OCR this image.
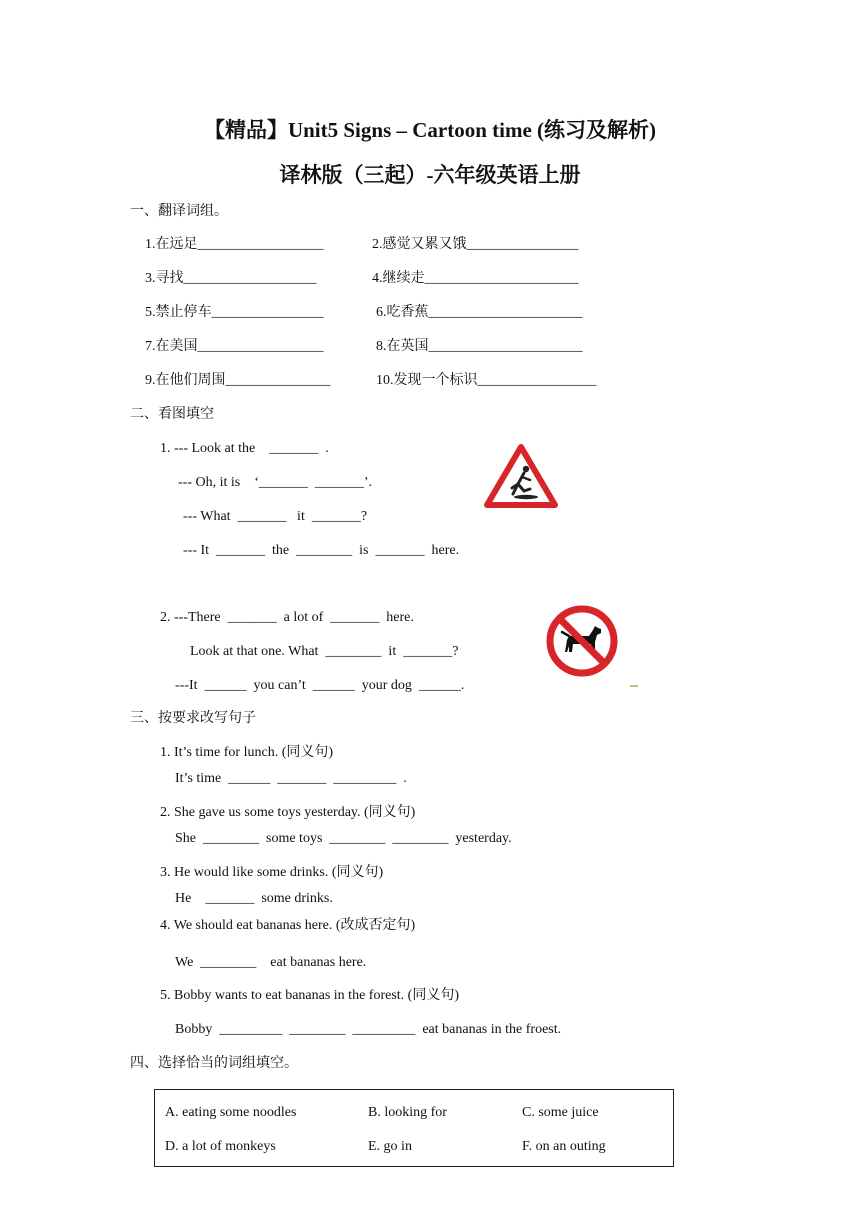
【精品】Unit5 Signs – Cartoon time (练习及解析)
译林版（三起）-六年级英语上册
一、翻译词组。
1.在远足__________________	2.感觉又累又饿________________
3.寻找___________________	4.继续走______________________
5.禁止停车________________	6.吃香蕉______________________
7.在美国__________________	8.在英国______________________
9.在他们周围_______________	10.发现一个标识_________________
二、看图填空
1. --- Look at the    _______  .
--- Oh, it is    ‘_______  _______’.
--- What  _______   it  _______?
--- It  _______  the  ________  is  _______  here.
2. ---There  _______  a lot of  _______  here.
Look at that one. What  ________  it  _______?
---It  ______  you can’t  ______  your dog  ______.
三、按要求改写句子
1. It’s time for lunch. (同义句)
It’s time  ______  _______  _________  .
2. She gave us some toys yesterday. (同义句)
She  ________  some toys  ________  ________  yesterday.
3. He would like some drinks. (同义句)
He    _______  some drinks.
4. We should eat bananas here. (改成否定句)
We  ________    eat bananas here.
5. Bobby wants to eat bananas in the forest. (同义句)
Bobby  _________  ________  _________  eat bananas in the froest.
四、选择恰当的词组填空。
A. eating some noodles	B. looking for	C. some juice
D. a lot of monkeys	E. go in	F. on an outing
